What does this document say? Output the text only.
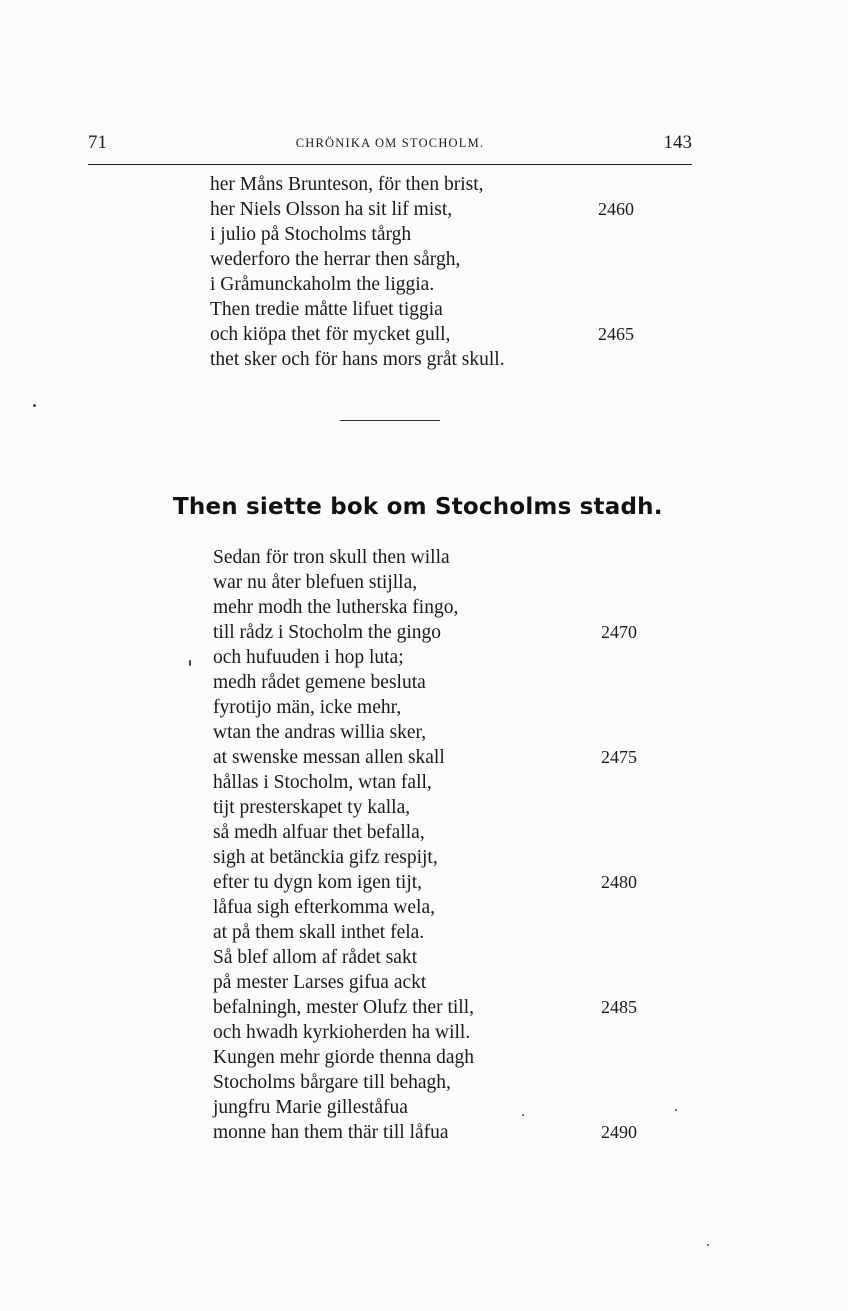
71	CHRÖNIKA OM STOCHOLM.	143
her Måns Brunteson, för then brist,
her Niels Olsson ha sit lif mist,	2460
i julio på Stocholms tårgh
wederforo the herrar then sårgh,
i Gråmunckaholm the liggia.
Then tredie måtte lifuet tiggia
och kiöpa thet för mycket gull,	2465
thet sker och för hans mors gråt skull.
Then siette bok om Stocholms stadh.
Sedan för tron skull then willa
war nu åter blefuen stijlla,
mehr modh the lutherska fingo,
till rådz i Stocholm the gingo	2470
och hufuuden i hop luta;
medh rådet gemene besluta
fyrotijo män, icke mehr,
wtan the andras willia sker,
at swenske messan allen skall	2475
hållas i Stocholm, wtan fall,
tijt presterskapet ty kalla,
så medh alfuar thet befalla,
sigh at betänckia gifz respijt,
efter tu dygn kom igen tijt,	2480
låfua sigh efterkomma wela,
at på them skall inthet fela.
Så blef allom af rådet sakt
på mester Larses gifua ackt
befalningh, mester Olufz ther till,	2485
och hwadh kyrkioherden ha will.
Kungen mehr giorde thenna dagh
Stocholms bårgare till behagh,
jungfru Marie gilleståfua
monne han them thär till låfua	2490
